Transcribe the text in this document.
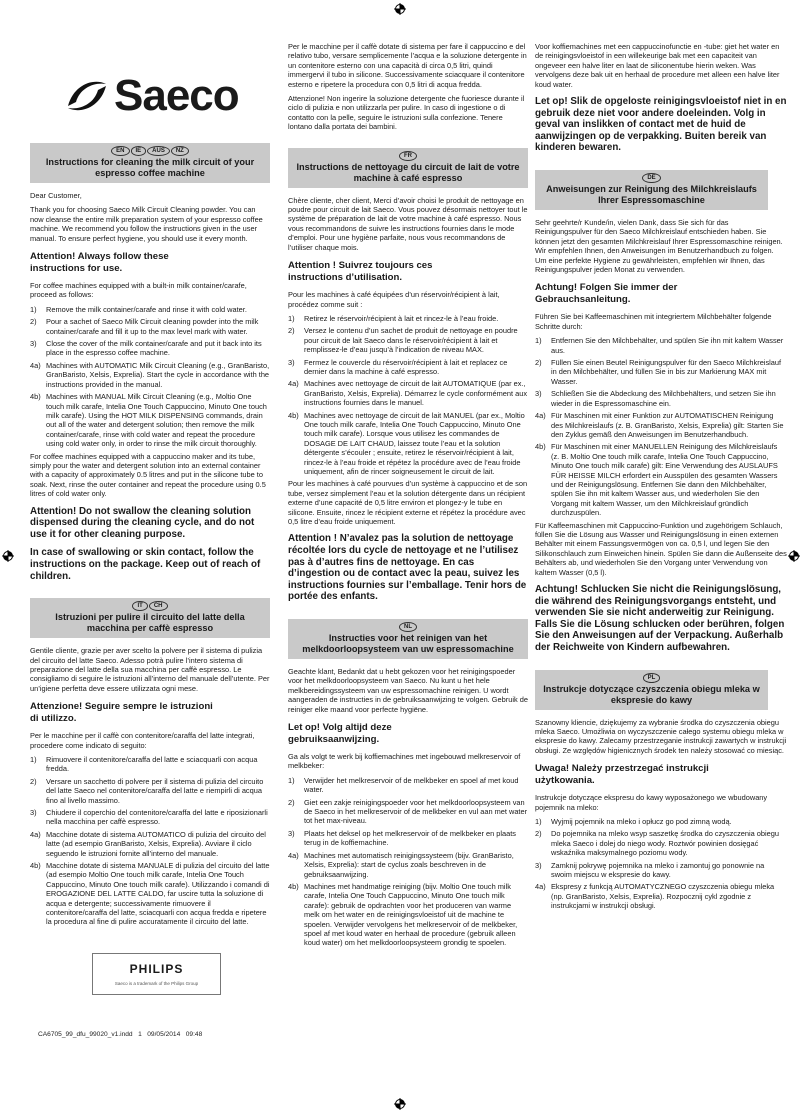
Saeco
EN	IE	AUS	NZ
Instructions for cleaning the milk circuit of your espresso coffee machine
Dear Customer,
Thank you for choosing Saeco Milk Circuit Cleaning powder. You can now cleanse the entire milk preparation system of your espresso coffee machine. We recommend you follow the instructions given in the user manual. To ensure perfect hygiene, you should use it every month.
Attention! Always follow these instructions for use.
For coffee machines equipped with a built-in milk container/carafe, proceed as follows:
1) Remove the milk container/carafe and rinse it with cold water.
2) Pour a sachet of Saeco Milk Circuit cleaning powder into the milk container/carafe and fill it up to the max level mark with water.
3) Close the cover of the milk container/carafe and put it back into its place in the espresso coffee machine.
4a) Machines with AUTOMATIC Milk Circuit Cleaning (e.g., GranBaristo, GranBaristo, Xelsis, Exprelia). Start the cycle in accordance with the instructions provided in the manual.
4b) Machines with MANUAL Milk Circuit Cleaning (e.g., Moltio One touch milk carafe, Intelia One Touch Cappuccino, Minuto One touch milk carafe). Using the HOT MILK DISPENSING commands, drain out all of the water and detergent solution; then remove the milk container/carafe, rinse with cold water and repeat the procedure using cold water only, in order to rinse the milk circuit thoroughly.
For coffee machines equipped with a cappuccino maker and its tube, simply pour the water and detergent solution into an external container with a capacity of approximately 0.5 litres and put in the silicone tube to soak. Next, rinse the outer container and repeat the procedure using 0.5 litres of cold water only.
Attention! Do not swallow the cleaning solution dispensed during the cleaning cycle, and do not use it for other cleaning purpose.
In case of swallowing or skin contact, follow the instructions on the package. Keep out of reach of children.
IT	CH
Istruzioni per pulire il circuito del latte della macchina per caffè espresso
Gentile cliente, grazie per aver scelto la polvere per il sistema di pulizia del circuito del latte Saeco. Adesso potrà pulire l’intero sistema di preparazione del latte della sua macchina per caffè espresso. Le consigliamo di seguire le istruzioni all’interno del manuale dell’utente. Per un’igiene perfetta deve essere utilizzata ogni mese.
Attenzione! Seguire sempre le istruzioni di utilizzo.
Per le macchine per il caffè con contenitore/caraffa del latte integrati, procedere come indicato di seguito:
1) Rimuovere il contenitore/caraffa del latte e sciacquarli con acqua fredda.
2) Versare un sacchetto di polvere per il sistema di pulizia del circuito del latte Saeco nel contenitore/caraffa del latte e riempirli di acqua fino al livello massimo.
3) Chiudere il coperchio del contenitore/caraffa del latte e riposizionarli nella macchina per caffè espresso.
4a) Macchine dotate di sistema AUTOMATICO di pulizia del circuito del latte (ad esempio GranBaristo, Xelsis, Exprelia). Avviare il ciclo seguendo le istruzioni fornite all’interno del manuale.
4b) Macchine dotate di sistema MANUALE di pulizia del circuito del latte (ad esempio Moltio One touch milk carafe, Intelia One Touch Cappuccino, Minuto One touch milk carafe). Utilizzando i comandi di EROGAZIONE DEL LATTE CALDO, far uscire tutta la soluzione di acqua e detergente; successivamente rimuovere il contenitore/caraffa del latte, sciacquarli con acqua fredda e ripetere la procedura al fine di pulire accuratamente il circuito del latte.
PHILIPS
Saeco is a trademark of the Philips Group
CA6705_99_dfu_99020_v1.indd   1   09/05/2014   09:48
Per le macchine per il caffè dotate di sistema per fare il cappuccino e del relativo tubo, versare semplicemente l’acqua e la soluzione detergente in un contenitore esterno con una capacità di circa 0,5 litri, quindi immergervi il tubo in silicone. Successivamente sciacquare il contenitore esterno e ripetere la procedura con 0,5 litri di acqua fredda.
Attenzione! Non ingerire la soluzione detergente che fuoriesce durante il ciclo di pulizia e non utilizzarla per pulire. In caso di ingestione o di contatto con la pelle, seguire le istruzioni sulla confezione. Tenere lontano dalla portata dei bambini.
FR
Instructions de nettoyage du circuit de lait de votre machine à café espresso
Chère cliente, cher client, Merci d’avoir choisi le produit de nettoyage en poudre pour circuit de lait Saeco. Vous pouvez désormais nettoyer tout le système de préparation de lait de votre machine à café espresso. Nous vous recommandons de suivre les instructions fournies dans le mode d’emploi. Pour une hygiène parfaite, nous vous recommandons de l’utiliser chaque mois.
Attention ! Suivrez toujours ces instructions d’utilisation.
Pour les machines à café équipées d’un réservoir/récipient à lait, procédez comme suit :
1) Retirez le réservoir/récipient à lait et rincez-le à l’eau froide.
2) Versez le contenu d’un sachet de produit de nettoyage en poudre pour circuit de lait Saeco dans le réservoir/récipient à lait et remplissez-le d’eau jusqu’à l’indication de niveau MAX.
3) Fermez le couvercle du réservoir/récipient à lait et replacez ce dernier dans la machine à café espresso.
4a) Machines avec nettoyage de circuit de lait AUTOMATIQUE (par ex., GranBaristo, Xelsis, Exprelia). Démarrez le cycle conformément aux instructions fournies dans le manuel.
4b) Machines avec nettoyage de circuit de lait MANUEL (par ex., Moltio One touch milk carafe, Intelia One Touch Cappuccino, Minuto One touch milk carafe). Lorsque vous utilisez les commandes de DOSAGE DE LAIT CHAUD, laissez toute l’eau et la solution détergente s’écouler ; ensuite, retirez le réservoir/récipient à lait, rincez-le à l’eau froide et répétez la procédure avec de l’eau froide uniquement, afin de rincer soigneusement le circuit de lait.
Pour les machines à café pourvues d’un système à cappuccino et de son tube, versez simplement l’eau et la solution détergente dans un récipient externe d’une capacité de 0,5 litre environ et plongez-y le tube en silicone. Ensuite, rincez le récipient externe et répétez la procédure avec 0,5 litre d’eau froide uniquement.
Attention ! N’avalez pas la solution de nettoyage récoltée lors du cycle de nettoyage et ne l’utilisez pas à d’autres fins de nettoyage. En cas d’ingestion ou de contact avec la peau, suivez les instructions fournies sur l’emballage. Tenir hors de portée des enfants.
NL
Instructies voor het reinigen van het melkdoorloopsysteem van uw espressomachine
Geachte klant, Bedankt dat u hebt gekozen voor het reinigingspoeder voor het melkdoorloopsysteem van Saeco. Nu kunt u het hele melkbereidingssysteem van uw espressomachine reinigen. U wordt aangeraden de instructies in de gebruiksaanwijzing te volgen. Gebruik de reiniger elke maand voor perfecte hygiëne.
Let op! Volg altijd deze gebruiksaanwijzing.
Ga als volgt te werk bij koffiemachines met ingebouwd melkreservoir of melkbeker:
1) Verwijder het melkreservoir of de melkbeker en spoel af met koud water.
2) Giet een zakje reinigingspoeder voor het melkdoorloopsysteem van de Saeco in het melkreservoir of de melkbeker en vul aan met water tot het max-niveau.
3) Plaats het deksel op het melkreservoir of de melkbeker en plaats terug in de koffiemachine.
4a) Machines met automatisch reinigingssysteem (bijv. GranBaristo, Xelsis, Exprelia): start de cyclus zoals beschreven in de gebruiksaanwijzing.
4b) Machines met handmatige reiniging (bijv. Moltio One touch milk carafe, Intelia One Touch Cappuccino, Minuto One touch milk carafe): gebruik de opdrachten voor het produceren van warme melk om het water en de reinigingsvloeistof uit de machine te spoelen. Verwijder vervolgens het melkreservoir of de melkbeker, spoel af met koud water en herhaal de procedure (gebruik alleen koud water) om het melkdoorloopsysteem grondig te spoelen.
Voor koffiemachines met een cappuccinofunctie en -tube: giet het water en de reinigingsvloeistof in een willekeurige bak met een capaciteit van ongeveer een halve liter en laat de siliconentube hierin weken. Was vervolgens deze bak uit en herhaal de procedure met alleen een halve liter koud water.
Let op! Slik de opgeloste reinigingsvloeistof niet in en gebruik deze niet voor andere doeleinden. Volg in geval van inslikken of contact met de huid de aanwijzingen op de verpakking. Buiten bereik van kinderen bewaren.
DE
Anweisungen zur Reinigung des Milchkreislaufs Ihrer Espressomaschine
Sehr geehrte/r Kunde/in, vielen Dank, dass Sie sich für das Reinigungspulver für den Saeco Milchkreislauf entschieden haben. Sie können jetzt den gesamten Milchkreislauf Ihrer Espressomaschine reinigen. Wir empfehlen Ihnen, den Anweisungen im Benutzerhandbuch zu folgen. Um eine perfekte Hygiene zu gewährleisten, empfehlen wir Ihnen, das Reinigungspulver jeden Monat zu verwenden.
Achtung! Folgen Sie immer der Gebrauchsanleitung.
Führen Sie bei Kaffeemaschinen mit integriertem Milchbehälter folgende Schritte durch:
1) Entfernen Sie den Milchbehälter, und spülen Sie ihn mit kaltem Wasser aus.
2) Füllen Sie einen Beutel Reinigungspulver für den Saeco Milchkreislauf in den Milchbehälter, und füllen Sie in bis zur Markierung MAX mit Wasser.
3) Schließen Sie die Abdeckung des Milchbehälters, und setzen Sie ihn wieder in die Espressomaschine ein.
4a) Für Maschinen mit einer Funktion zur AUTOMATISCHEN Reinigung des Milchkreislaufs (z. B. GranBaristo, Xelsis, Exprelia) gilt: Starten Sie den Zyklus gemäß den Anweisungen im Benutzerhandbuch.
4b) Für Maschinen mit einer MANUELLEN Reinigung des Milchkreislaufs (z. B. Moltio One touch milk carafe, Intelia One Touch Cappuccino, Minuto One touch milk carafe) gilt: Eine Verwendung des AUSLAUFS FÜR HEISSE MILCH erfordert ein Ausspülen des gesamten Wassers und der Reinigungslösung. Entfernen Sie dann den Milchbehälter, spülen Sie ihn mit kaltem Wasser aus, und wiederholen Sie den Vorgang mit kaltem Wasser, um den Milchkreislauf gründlich durchzuspülen.
Für Kaffeemaschinen mit Cappuccino-Funktion und zugehörigem Schlauch, füllen Sie die Lösung aus Wasser und Reinigungslösung in einen externen Behälter mit einem Fassungsvermögen von ca. 0,5 l, und legen Sie den Silikonschlauch zum Einweichen hinein. Spülen Sie dann die Außenseite des Behälters ab, und wiederholen Sie den Vorgang unter Verwendung von kaltem Wasser (0,5 l).
Achtung! Schlucken Sie nicht die Reinigungslösung, die während des Reinigungsvorgangs entsteht, und verwenden Sie sie nicht anderweitig zur Reinigung. Falls Sie die Lösung schlucken oder berühren, folgen Sie den Anweisungen auf der Verpackung. Außerhalb der Reichweite von Kindern aufbewahren.
PL
Instrukcje dotyczące czyszczenia obiegu mleka w ekspresie do kawy
Szanowny kliencie, dziękujemy za wybranie środka do czyszczenia obiegu mleka Saeco. Umożliwia on wyczyszczenie całego systemu obiegu mleka w ekspresie do kawy. Zalecamy przestrzeganie instrukcji zawartych w instrukcji obsługi. Ze względów higienicznych środek ten należy stosować co miesiąc.
Uwaga! Należy przestrzegać instrukcji użytkowania.
Instrukcje dotyczące ekspresu do kawy wyposażonego we wbudowany pojemnik na mleko:
1) Wyjmij pojemnik na mleko i opłucz go pod zimną wodą.
2) Do pojemnika na mleko wsyp saszetkę środka do czyszczenia obiegu mleka Saeco i dolej do niego wody. Roztwór powinien dosięgać wskaźnika maksymalnego poziomu wody.
3) Zamknij pokrywę pojemnika na mleko i zamontuj go ponownie na swoim miejscu w ekspresie do kawy.
4a) Ekspresy z funkcją AUTOMATYCZNEGO czyszczenia obiegu mleka (np. GranBaristo, Xelsis, Exprelia). Rozpocznij cykl zgodnie z instrukcjami w instrukcji obsługi.
